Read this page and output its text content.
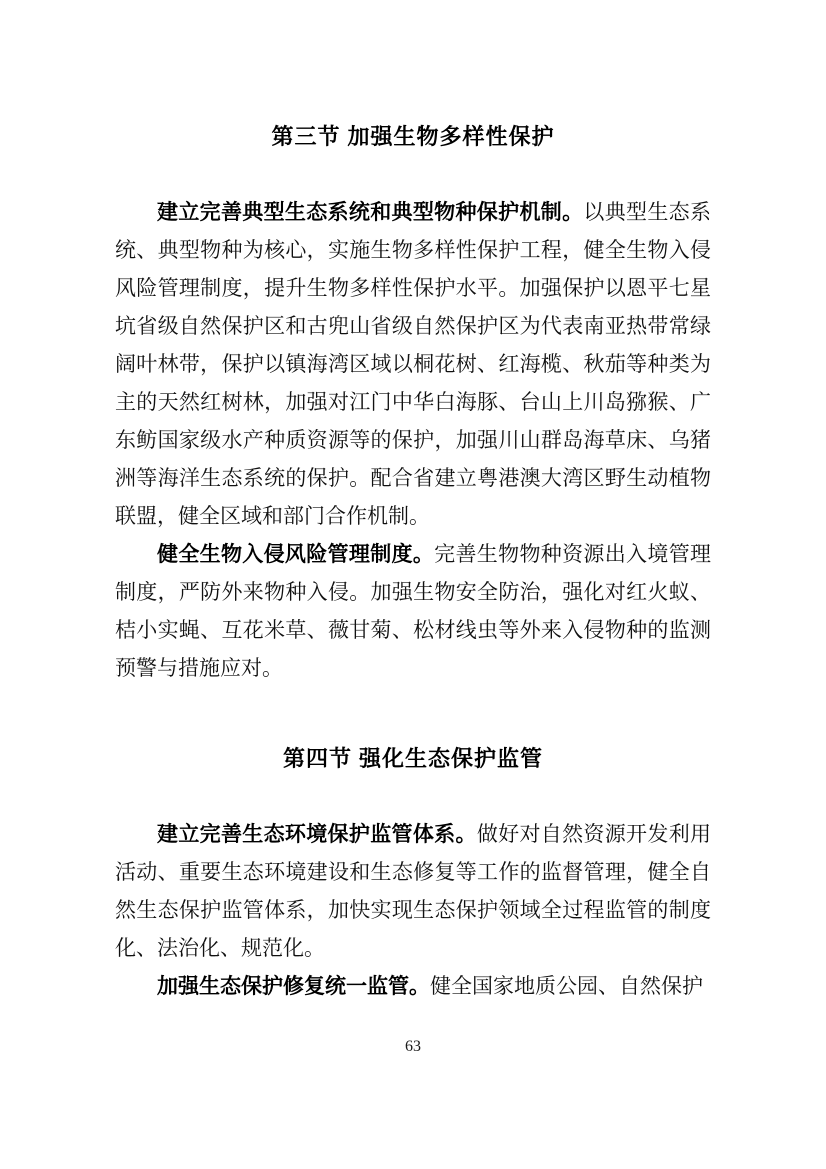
第三节 加强生物多样性保护

建立完善典型生态系统和典型物种保护机制。以典型生态系统、典型物种为核心，实施生物多样性保护工程，健全生物入侵风险管理制度，提升生物多样性保护水平。加强保护以恩平七星坑省级自然保护区和古兜山省级自然保护区为代表南亚热带常绿阔叶林带，保护以镇海湾区域以桐花树、红海榄、秋茄等种类为主的天然红树林，加强对江门中华白海豚、台山上川岛猕猴、广东鲂国家级水产种质资源等的保护，加强川山群岛海草床、乌猪洲等海洋生态系统的保护。配合省建立粤港澳大湾区野生动植物联盟，健全区域和部门合作机制。

健全生物入侵风险管理制度。完善生物物种资源出入境管理制度，严防外来物种入侵。加强生物安全防治，强化对红火蚁、桔小实蝇、互花米草、薇甘菊、松材线虫等外来入侵物种的监测预警与措施应对。

第四节 强化生态保护监管

建立完善生态环境保护监管体系。做好对自然资源开发利用活动、重要生态环境建设和生态修复等工作的监督管理，健全自然生态保护监管体系，加快实现生态保护领域全过程监管的制度化、法治化、规范化。

加强生态保护修复统一监管。健全国家地质公园、自然保护

63
